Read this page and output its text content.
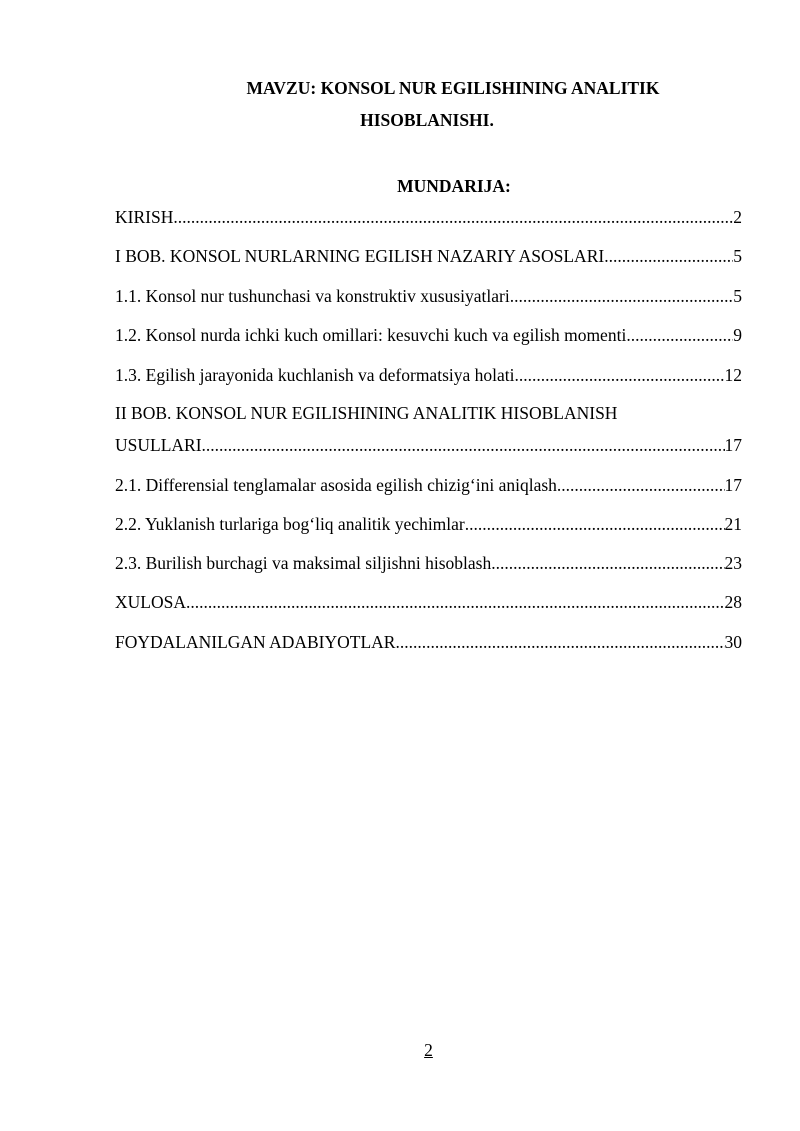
MAVZU: KONSOL NUR EGILISHINING ANALITIK
HISOBLANISHI.
MUNDARIJA:
KIRISH .....	2
I BOB. KONSOL NURLARNING EGILISH NAZARIY ASOSLARI .....	5
1.1. Konsol nur tushunchasi va konstruktiv xususiyatlari .....	5
1.2. Konsol nurda ichki kuch omillari: kesuvchi kuch va egilish momenti .....	9
1.3. Egilish jarayonida kuchlanish va deformatsiya holati .....	12
II BOB. KONSOL NUR EGILISHINING ANALITIK HISOBLANISH
USULLARI .....	17
2.1. Differensial tenglamalar asosida egilish chizig‘ini aniqlash .....	17
2.2. Yuklanish turlariga bog‘liq analitik yechimlar .....	21
2.3. Burilish burchagi va maksimal siljishni hisoblash .....	23
XULOSA .....	28
FOYDALANILGAN ADABIYOTLAR .....	30
2
